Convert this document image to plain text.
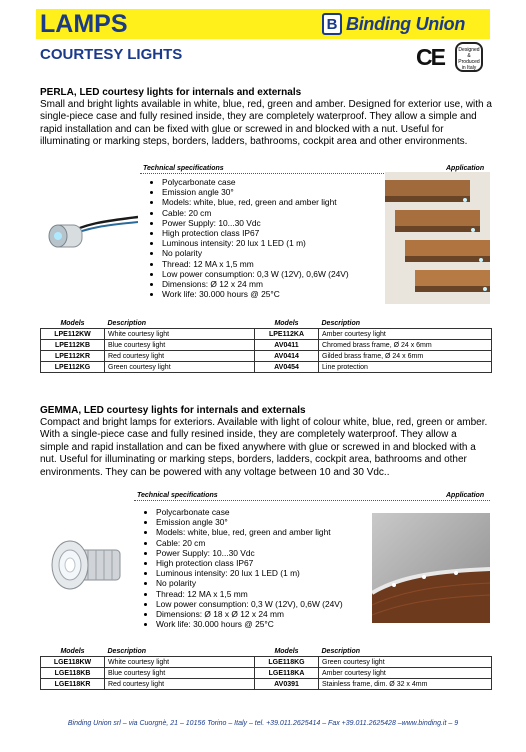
LAMPS	B Binding Union
COURTESY LIGHTS	CE	Designed & Produced in Italy
PERLA, LED courtesy lights for internals and externals
Small and bright lights available in white, blue, red, green and amber. Designed for exterior use, with a single-piece case and fully resined inside, they are completely waterproof. They allow a simple and rapid installation and can be fixed with glue or screwed in and blocked with a nut. Useful for illuminating or marking steps, borders, ladders, bathrooms, cockpit area and other environments.
Technical specifications	Application
• Polycarbonate case
• Emission angle 30°
• Models: white, blue, red, green and amber light
• Cable: 20 cm
• Power Supply: 10...30 Vdc
• High protection class IP67
• Luminous intensity: 20 lux 1 LED (1 m)
• No polarity
• Thread: 12 MA x 1,5 mm
• Low power consumption: 0,3 W (12V), 0,6W (24V)
• Dimensions: Ø 12 x 24 mm
• Work life: 30.000 hours @ 25°C
Models	Description	Models	Description
LPE112KW	White courtesy light	LPE112KA	Amber courtesy light
LPE112KB	Blue courtesy light	AV0411	Chromed brass frame, Ø 24 x 6mm
LPE112KR	Red courtesy light	AV0414	Gilded brass frame, Ø 24 x 6mm
LPE112KG	Green courtesy light	AV0454	Line protection
GEMMA, LED courtesy lights for internals and externals
Compact and bright lamps for exteriors. Available with light of colour white, blue, red, green or amber. With a single-piece case and fully resined inside, they are completely waterproof. They allow a simple and rapid installation and can be fixed anywhere with glue or screwed in and blocked with a nut. Useful for illuminating or marking steps, borders, ladders, cockpit area, bathrooms and other environments. They can be powered with any voltage between 10 and 30 Vdc..
Technical specifications	Application
• Polycarbonate case
• Emission angle 30°
• Models: white, blue, red, green and amber light
• Cable: 20 cm
• Power Supply: 10...30 Vdc
• High protection class IP67
• Luminous intensity: 20 lux 1 LED (1 m)
• No polarity
• Thread: 12 MA x 1,5 mm
• Low power consumption: 0,3 W (12V), 0,6W (24V)
• Dimensions: Ø 18 x Ø 12 x 24 mm
• Work life: 30.000 hours @ 25°C
Models	Description	Models	Description
LGE118KW	White courtesy light	LGE118KG	Green courtesy light
LGE118KB	Blue courtesy light	LGE118KA	Amber courtesy light
LGE118KR	Red courtesy light	AV0391	Stainless frame, dim. Ø 32 x 4mm
Binding Union srl – via Cuorgnè, 21 – 10156 Torino – Italy – tel. +39.011.2625414 – Fax +39.011.2625428 –www.binding.it – 9
